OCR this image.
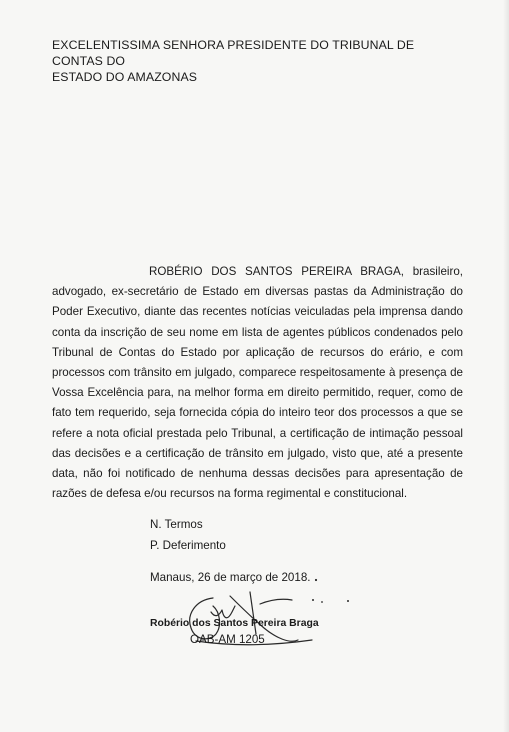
EXCELENTISSIMA SENHORA PRESIDENTE DO TRIBUNAL DE CONTAS DO
ESTADO DO AMAZONAS

ROBÉRIO DOS SANTOS PEREIRA BRAGA, brasileiro, advogado, ex-secretário de Estado em diversas pastas da Administração do Poder Executivo, diante das recentes notícias veiculadas pela imprensa dando conta da inscrição de seu nome em lista de agentes públicos condenados pelo Tribunal de Contas do Estado por aplicação de recursos do erário, e com processos com trânsito em julgado, comparece respeitosamente à presença de Vossa Excelência para, na melhor forma em direito permitido, requer, como de fato tem requerido, seja fornecida cópia do inteiro teor dos processos a que se refere a nota oficial prestada pelo Tribunal, a certificação de intimação pessoal das decisões e a certificação de trânsito em julgado, visto que, até a presente data, não foi notificado de nenhuma dessas decisões para apresentação de razões de defesa e/ou recursos na forma regimental e constitucional.

N. Termos
P. Deferimento
Manaus, 26 de março de 2018.
Robério dos Santos Pereira Braga
OAB-AM 1205
